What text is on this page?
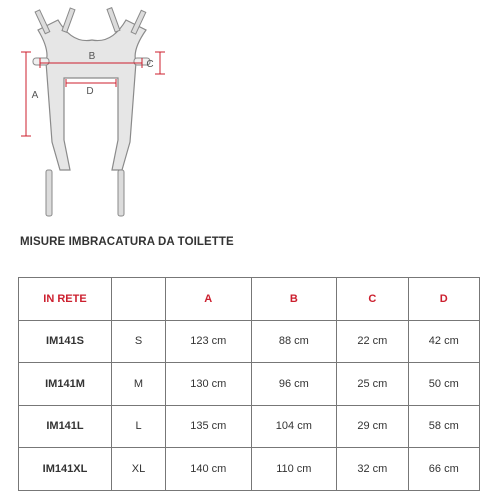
B
D
A
C
MISURE IMBRACATURA DA TOILETTE
IN RETE		A	B	C	D
IM141S	S	123 cm	88 cm	22 cm	42 cm
IM141M	M	130 cm	96 cm	25 cm	50 cm
IM141L	L	135 cm	104 cm	29 cm	58 cm
IM141XL	XL	140 cm	110 cm	32 cm	66 cm
